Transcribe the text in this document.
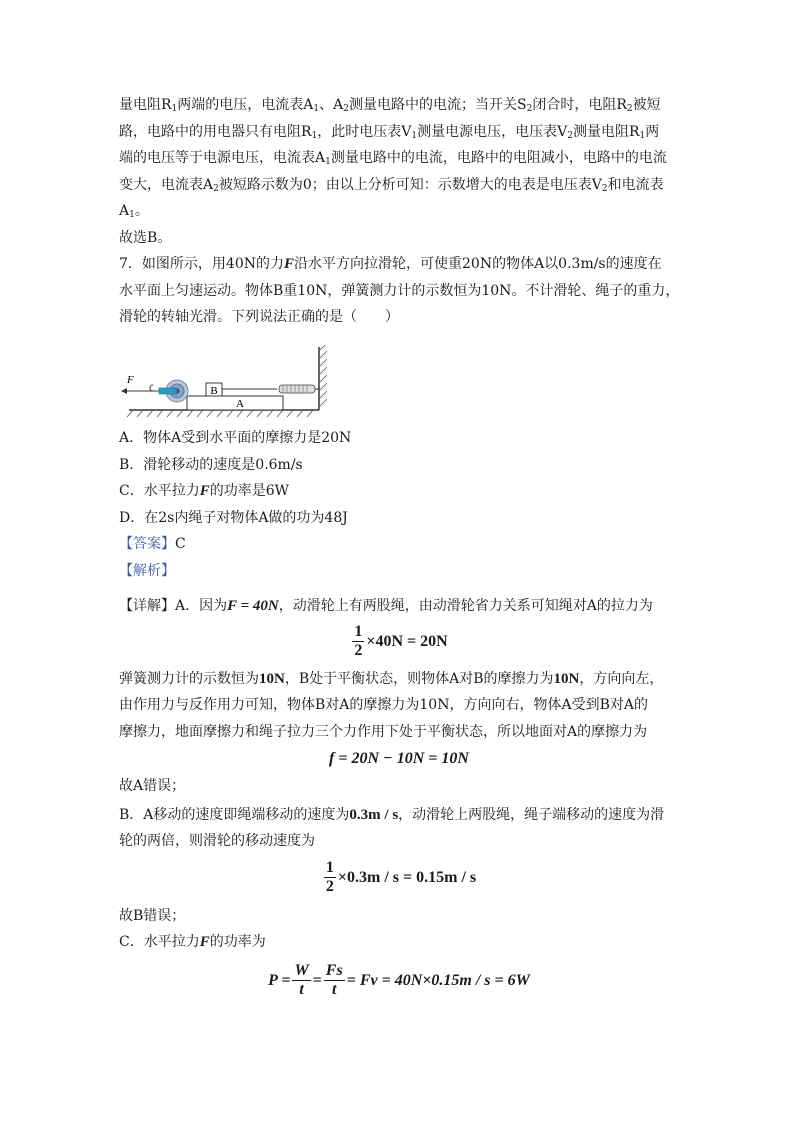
量电阻$R_1$两端的电压，电流表$A_1$、$A_2$测量电路中的电流；当开关$S_2$闭合时，电阻$R_2$被短
路，电路中的用电器只有电阻$R_1$，此时电压表$V_1$测量电源电压，电压表$V_2$测量电阻$R_1$两
端的电压等于电源电压，电流表$A_1$测量电路中的电流，电路中的电阻减小，电路中的电流
变大，电流表$A_2$被短路示数为0；由以上分析可知：示数增大的电表是电压表$V_2$和电流表
$A_1$。
故选B。
7．如图所示，用40N的力F沿水平方向拉滑轮，可使重20N的物体A以0.3m/s的速度在
水平面上匀速运动。物体B重10N，弹簧测力计的示数恒为10N。不计滑轮、绳子的重力，
滑轮的转轴光滑。下列说法正确的是（　　）
A
B
F
A．物体A受到水平面的摩擦力是20N
B．滑轮移动的速度是0.6m/s
C．水平拉力F的功率是6W
D．在2s内绳子对物体A做的功为48J
【答案】C
【解析】
【详解】A．因为F = 40N，动滑轮上有两股绳，由动滑轮省力关系可知绳对A的拉力为
$\frac{1}{2} \times 40N = 20N$
弹簧测力计的示数恒为10N，B处于平衡状态，则物体A对B的摩擦力为10N，方向向左，
由作用力与反作用力可知，物体B对A的摩擦力为10N，方向向右，物体A受到B对A的
摩擦力，地面摩擦力和绳子拉力三个力作用下处于平衡状态，所以地面对A的摩擦力为
f = 20N − 10N = 10N
故A错误；
B．A移动的速度即绳端移动的速度为0.3m / s，动滑轮上两股绳，绳子端移动的速度为滑
轮的两倍，则滑轮的移动速度为
$\frac{1}{2} \times 0.3m / s = 0.15m / s$
故B错误；
C．水平拉力F的功率为
$P = \frac{W}{t} = \frac{Fs}{t} = Fv = 40N\times 0.15m / s = 6W$
